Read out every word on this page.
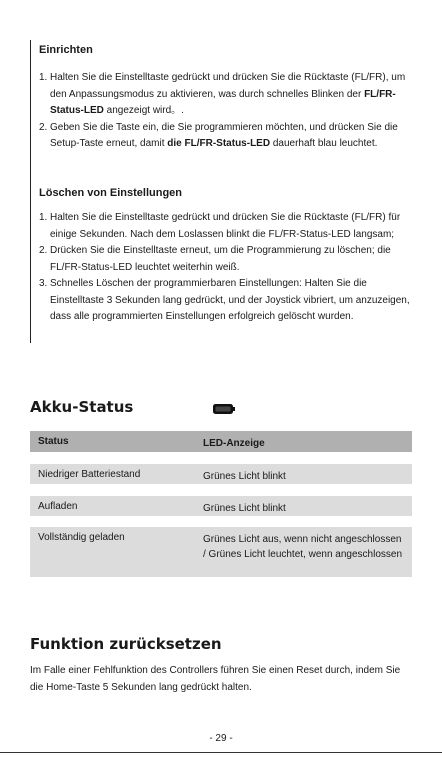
Einrichten
1. Halten Sie die Einstelltaste gedrückt und drücken Sie die Rücktaste (FL/FR), um den Anpassungsmodus zu aktivieren, was durch schnelles Blinken der FL/FR-Status-LED angezeigt wird。.
2. Geben Sie die Taste ein, die Sie programmieren möchten, und drücken Sie die Setup-Taste erneut, damit die FL/FR-Status-LED dauerhaft blau leuchtet.
Löschen von Einstellungen
1. Halten Sie die Einstelltaste gedrückt und drücken Sie die Rücktaste (FL/FR) für einige Sekunden. Nach dem Loslassen blinkt die FL/FR-Status-LED langsam;
2. Drücken Sie die Einstelltaste erneut, um die Programmierung zu löschen; die FL/FR-Status-LED leuchtet weiterhin weiß.
3. Schnelles Löschen der programmierbaren Einstellungen: Halten Sie die Einstelltaste 3 Sekunden lang gedrückt, und der Joystick vibriert, um anzuzeigen, dass alle programmierten Einstellungen erfolgreich gelöscht wurden.
Akku-Status
Status	LED-Anzeige
Niedriger Batteriestand	Grünes Licht blinkt
Aufladen	Grünes Licht blinkt
Vollständig geladen	Grünes Licht aus, wenn nicht angeschlossen / Grünes Licht leuchtet, wenn angeschlossen
Funktion zurücksetzen
Im Falle einer Fehlfunktion des Controllers führen Sie einen Reset durch, indem Sie die Home-Taste 5 Sekunden lang gedrückt halten.
- 29 -
